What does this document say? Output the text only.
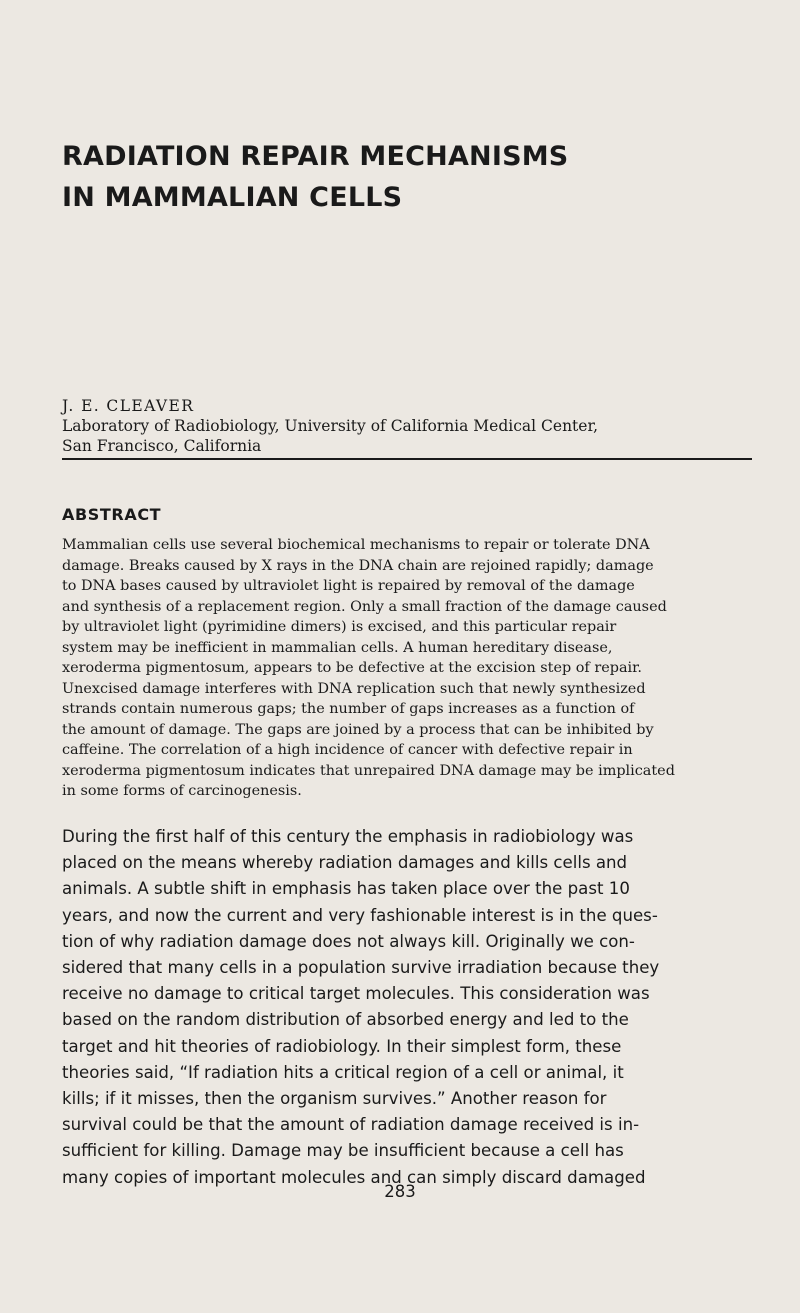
RADIATION REPAIR MECHANISMS
IN MAMMALIAN CELLS
J. E. CLEAVER
Laboratory of Radiobiology, University of California Medical Center,
San Francisco, California
ABSTRACT
Mammalian cells use several biochemical mechanisms to repair or tolerate DNA
damage. Breaks caused by X rays in the DNA chain are rejoined rapidly; damage
to DNA bases caused by ultraviolet light is repaired by removal of the damage
and synthesis of a replacement region. Only a small fraction of the damage caused
by ultraviolet light (pyrimidine dimers) is excised, and this particular repair
system may be inefficient in mammalian cells. A human hereditary disease,
xeroderma pigmentosum, appears to be defective at the excision step of repair.
Unexcised damage interferes with DNA replication such that newly synthesized
strands contain numerous gaps; the number of gaps increases as a function of
the amount of damage. The gaps are joined by a process that can be inhibited by
caffeine. The correlation of a high incidence of cancer with defective repair in
xeroderma pigmentosum indicates that unrepaired DNA damage may be implicated
in some forms of carcinogenesis.
During the first half of this century the emphasis in radiobiology was
placed on the means whereby radiation damages and kills cells and
animals. A subtle shift in emphasis has taken place over the past 10
years, and now the current and very fashionable interest is in the ques-
tion of why radiation damage does not always kill. Originally we con-
sidered that many cells in a population survive irradiation because they
receive no damage to critical target molecules. This consideration was
based on the random distribution of absorbed energy and led to the
target and hit theories of radiobiology. In their simplest form, these
theories said, “If radiation hits a critical region of a cell or animal, it
kills; if it misses, then the organism survives.” Another reason for
survival could be that the amount of radiation damage received is in-
sufficient for killing. Damage may be insufficient because a cell has
many copies of important molecules and can simply discard damaged
283
